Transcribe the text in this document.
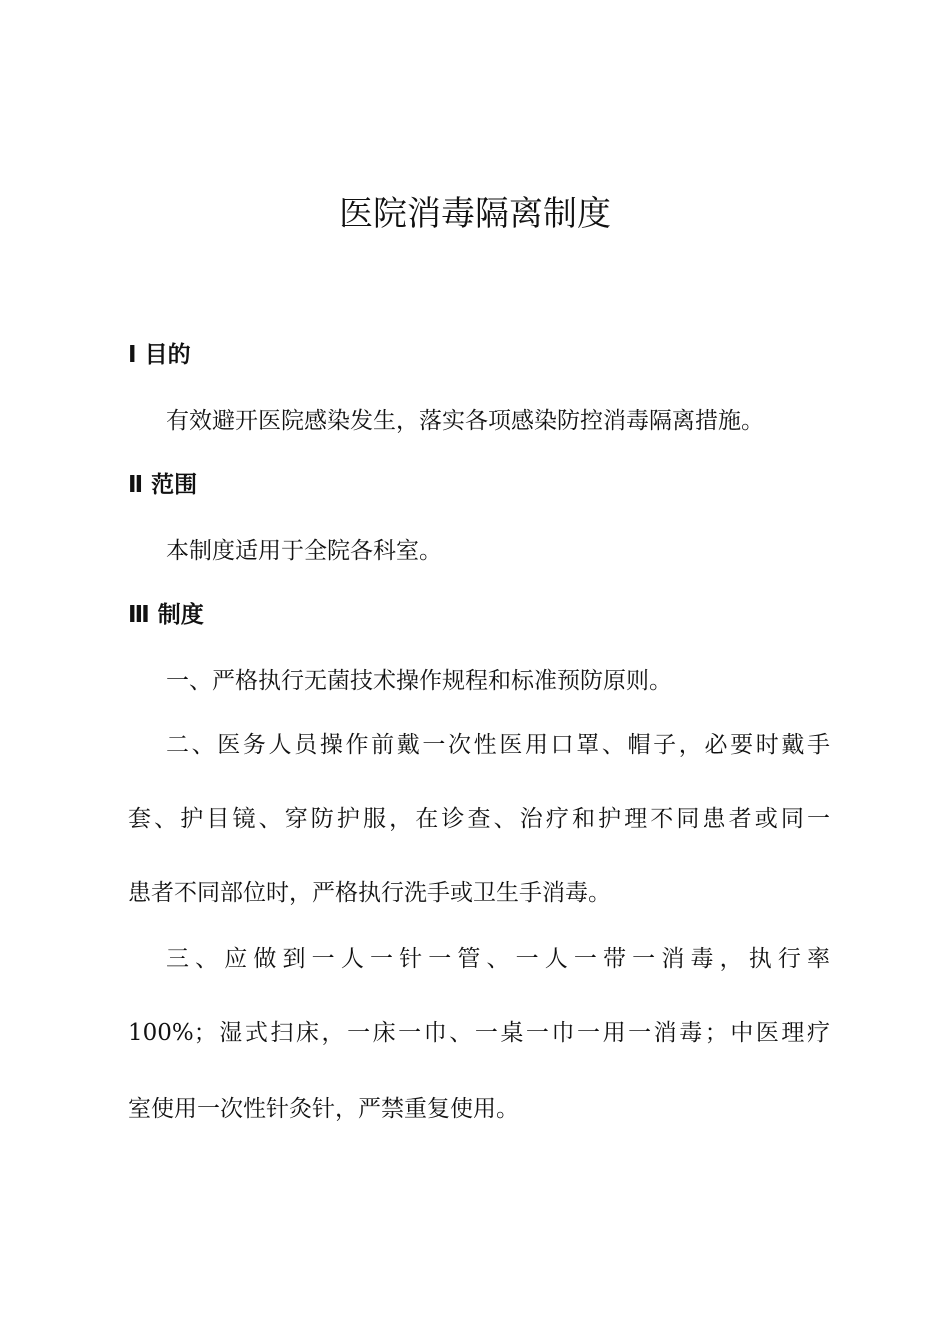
医院消毒隔离制度
I 目的
有效避开医院感染发生，落实各项感染防控消毒隔离措施。
Ⅱ 范围
本制度适用于全院各科室。
Ⅲ 制度
一、严格执行无菌技术操作规程和标准预防原则。
二、医务人员操作前戴一次性医用口罩、帽子，必要时戴手
套、护目镜、穿防护服，在诊查、治疗和护理不同患者或同一
患者不同部位时，严格执行洗手或卫生手消毒。
三、应做到一人一针一管、一人一带一消毒，执行率
100%；湿式扫床，一床一巾、一桌一巾一用一消毒；中医理疗
室使用一次性针灸针，严禁重复使用。
